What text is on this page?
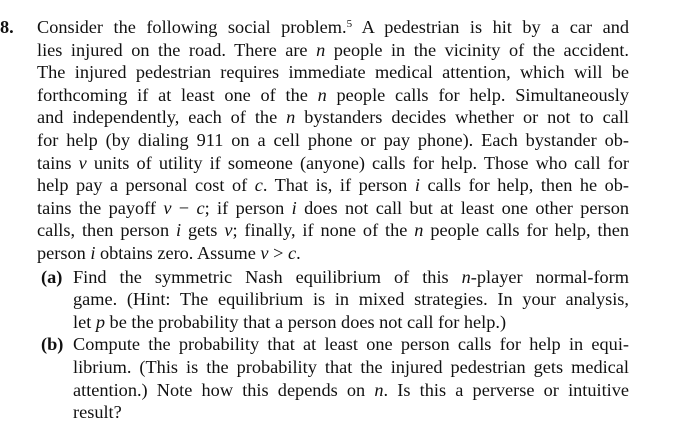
8.	Consider the following social problem.$^5$ A pedestrian is hit by a car and
lies injured on the road. There are n people in the vicinity of the accident.
The injured pedestrian requires immediate medical attention, which will be
forthcoming if at least one of the n people calls for help. Simultaneously
and independently, each of the n bystanders decides whether or not to call
for help (by dialing 911 on a cell phone or pay phone). Each bystander ob-
tains v units of utility if someone (anyone) calls for help. Those who call for
help pay a personal cost of c. That is, if person i calls for help, then he ob-
tains the payoff v − c; if person i does not call but at least one other person
calls, then person i gets v; finally, if none of the n people calls for help, then
person i obtains zero. Assume v > c.
(a) Find the symmetric Nash equilibrium of this n-player normal-form
game. (Hint: The equilibrium is in mixed strategies. In your analysis,
let p be the probability that a person does not call for help.)
(b) Compute the probability that at least one person calls for help in equi-
librium. (This is the probability that the injured pedestrian gets medical
attention.) Note how this depends on n. Is this a perverse or intuitive
result?
